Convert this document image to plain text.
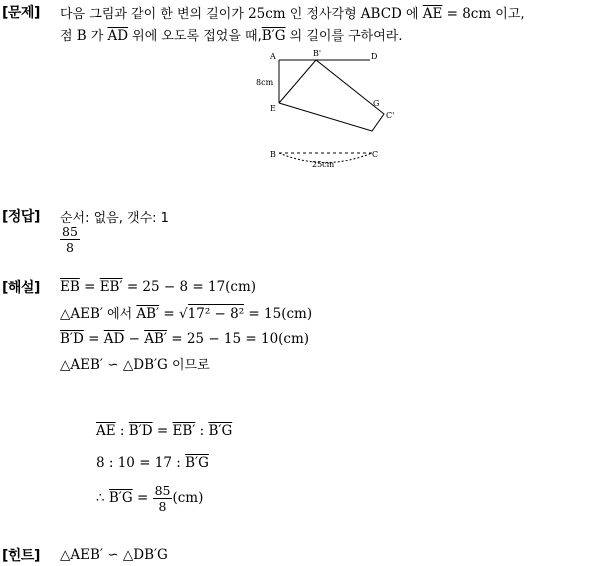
[문제] 다음 그림과 같이 한 변의 길이가 25cm 인 정사각형 ABCD 에 $\overline{AE} = 8cm$ 이고,
점 B 가 $\overline{AD}$ 위에 오도록 접었을 때,B′G 의 길이를 구하여라.
A	B'	D
E
G
C'
8cm
B	C
25cm
[정답] 순서: 없음, 갯수: 1
$\frac{85}{8}$
[해설] $\overline{EB} = EB' = 25 - 8 = 17(cm)$
△AEB′ 에서 AB′ = √17² − 8² = 15(cm)
$B'D = \overline{AD} - AB' = 25 - 15 = 10(cm)$
△AEB′ ∽ △DB′G 이므로
$\overline{AE}$ : B′D = EB′ : B′G
8 : 10 = 17 : B′G
∴ $B'G = \frac{85}{8} (cm)$
[힌트] △AEB′ ∽ △DB′G
